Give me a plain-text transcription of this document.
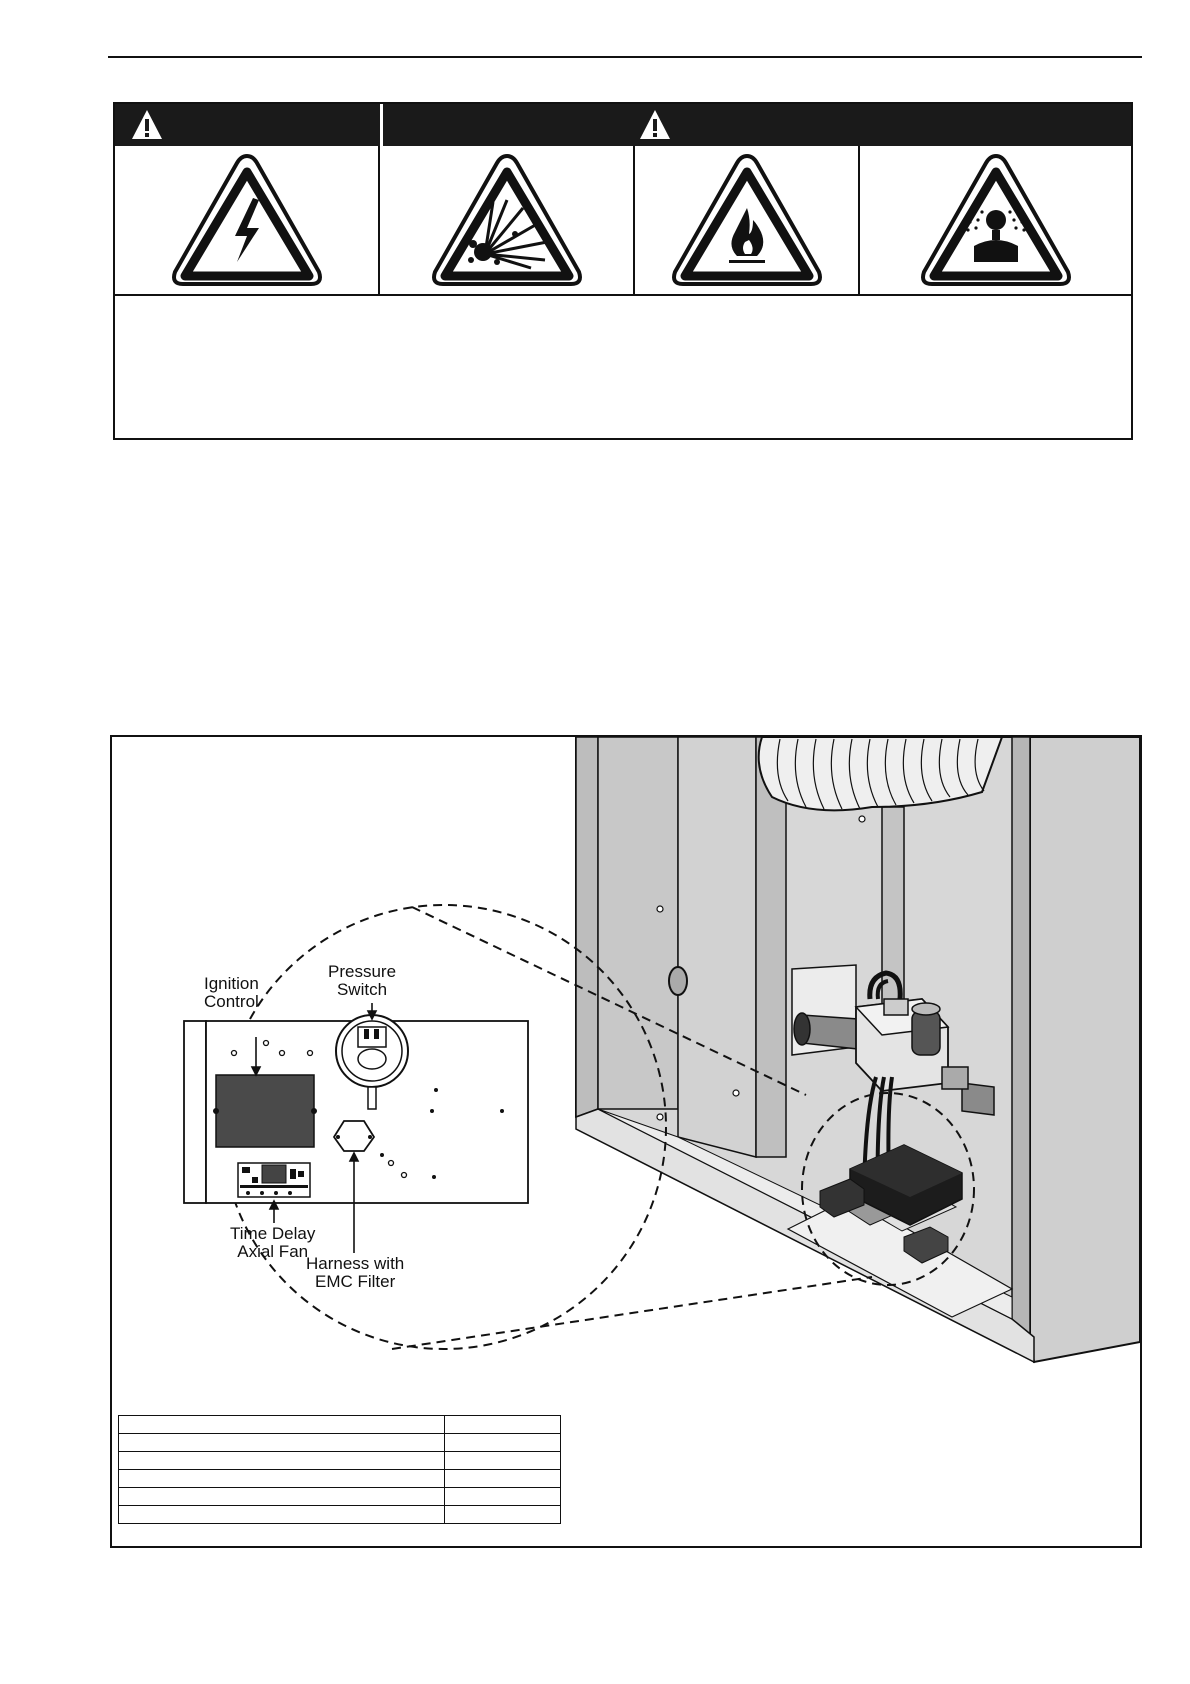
Ignition
Control
Pressure
Switch
Time Delay
Axial Fan
Harness with
EMC Filter
